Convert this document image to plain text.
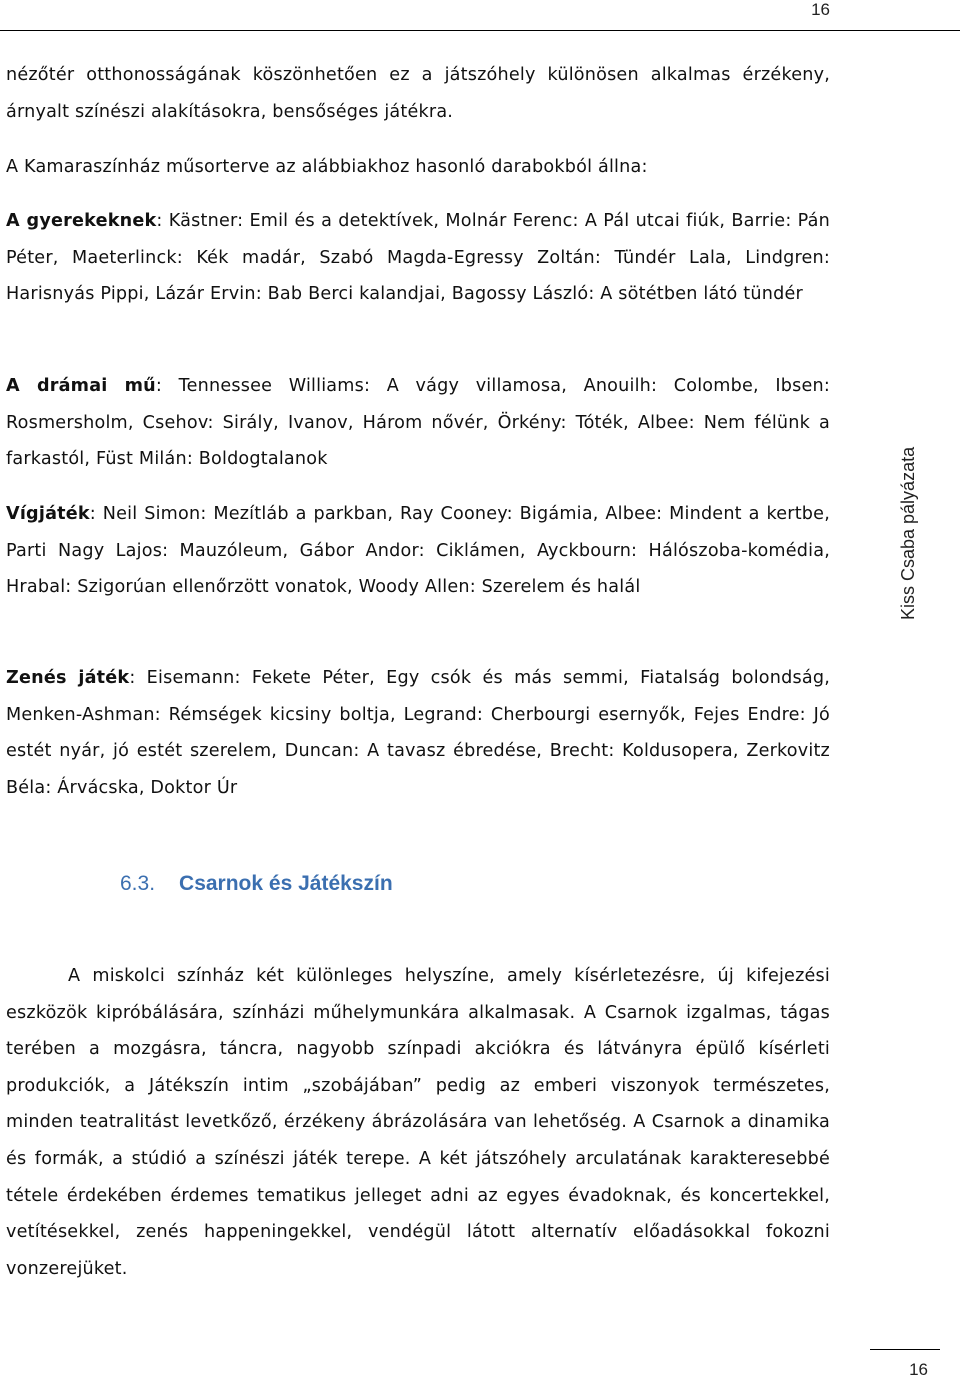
16
Kiss Csaba pályázata
nézőtér otthonosságának köszönhetően ez a játszóhely különösen alkalmas érzékeny, árnyalt színészi alakításokra, bensőséges játékra.
A Kamaraszínház műsorterve az alábbiakhoz hasonló darabokból állna:
A gyerekeknek: Kästner: Emil és a detektívek, Molnár Ferenc: A Pál utcai fiúk, Barrie: Pán Péter, Maeterlinck: Kék madár, Szabó Magda-Egressy Zoltán: Tündér Lala, Lindgren: Harisnyás Pippi, Lázár Ervin: Bab Berci kalandjai, Bagossy László: A sötétben látó tündér
A drámai mű: Tennessee Williams: A vágy villamosa, Anouilh: Colombe, Ibsen: Rosmersholm, Csehov: Sirály, Ivanov, Három nővér, Örkény: Tóték, Albee: Nem félünk a farkastól, Füst Milán: Boldogtalanok
Vígjáték: Neil Simon: Mezítláb a parkban, Ray Cooney: Bigámia, Albee: Mindent a kertbe, Parti Nagy Lajos: Mauzóleum, Gábor Andor: Ciklámen, Ayckbourn: Hálószoba-komédia, Hrabal: Szigorúan ellenőrzött vonatok, Woody Allen: Szerelem és halál
Zenés játék: Eisemann: Fekete Péter, Egy csók és más semmi, Fiatalság bolondság, Menken-Ashman: Rémségek kicsiny boltja, Legrand: Cherbourgi esernyők, Fejes Endre: Jó estét nyár, jó estét szerelem, Duncan: A tavasz ébredése, Brecht: Koldusopera, Zerkovitz Béla: Árvácska, Doktor Úr
6.3. Csarnok és Játékszín
A miskolci színház két különleges helyszíne, amely kísérletezésre, új kifejezési eszközök kipróbálására, színházi műhelymunkára alkalmasak. A Csarnok izgalmas, tágas terében a mozgásra, táncra, nagyobb színpadi akciókra és látványra épülő kísérleti produkciók, a Játékszín intim „szobájában” pedig az emberi viszonyok természetes, minden teatralitást levetkőző, érzékeny ábrázolására van lehetőség. A Csarnok a dinamika és formák, a stúdió a színészi játék terepe. A két játszóhely arculatának karakteresebbé tétele érdekében érdemes tematikus jelleget adni az egyes évadoknak, és koncertekkel, vetítésekkel, zenés happeningekkel, vendégül látott alternatív előadásokkal fokozni vonzerejüket.
16
